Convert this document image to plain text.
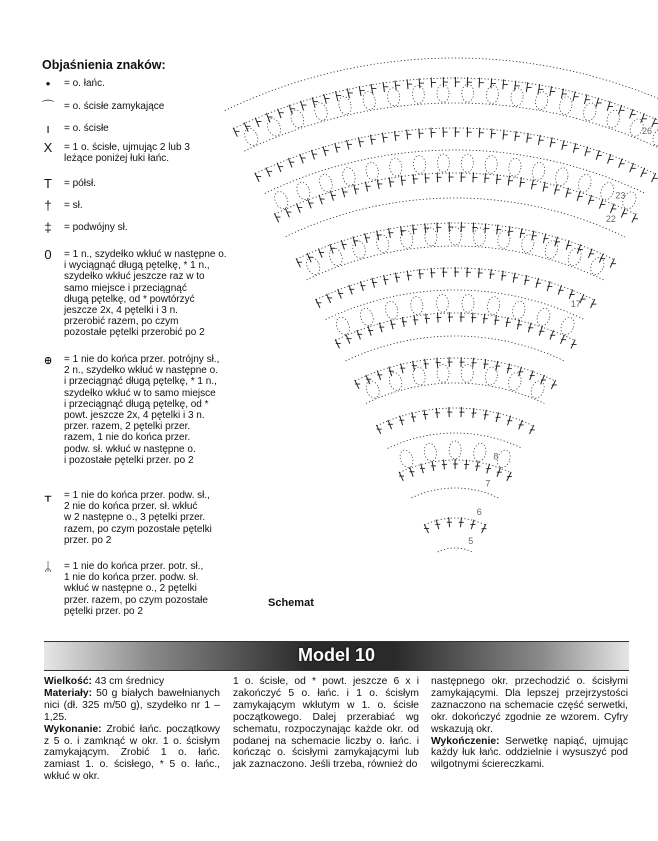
Objaśnienia znaków:
•	= o. łańc.
⌒ = o. ścisłe zamykające
ı	= o. ścisłe
X	= 1 o. ścisłe, ujmując 2 lub 3
leżące poniżej łuki łańc.
T	= półsł.
†	= sł.
‡	= podwójny sł.
0	= 1 n., szydełko wkłuć w następne o.
i wyciągnąć długą pętelkę, * 1 n.,
szydełko wkłuć jeszcze raz w to
samo miejsce i przeciągnąć
długą pętelkę, od * powtórzyć
jeszcze 2x, 4 pętelki i 3 n.
przerobić razem, po czym
pozostałe pętelki przerobić po 2
ꚛ	= 1 nie do końca przer. potrójny sł.,
2 n., szydełko wkłuć w następne o.
i przeciągnąć długą pętelkę, * 1 n.,
szydełko wkłuć w to samo miejsce
i przeciągnąć długą pętelkę, od *
powt. jeszcze 2x, 4 pętelki i 3 n.
przer. razem, 2 pętelki przer.
razem, 1 nie do końca przer.
podw. sł. wkłuć w następne o.
i pozostałe pętelki przer. po 2
ᚁ	= 1 nie do końca przer. podw. sł.,
2 nie do końca przer. sł. wkłuć
w 2 następne o., 3 pętelki przer.
razem, po czym pozostałe pętelki
przer. po 2
ᛦ	= 1 nie do końca przer. potr. sł.,
1 nie do końca przer. podw. sł.
wkłuć w następne o., 2 pętelki
przer. razem, po czym pozostałe
pętelki przer. po 2
26
23
22
17
8
7
6
5
Schemat
Model 10
Wielkość: 43 cm średnicy
Materiały: 50 g białych bawełnianych nici (dł. 325 m/50 g), szydełko nr 1 – 1,25.
Wykonanie: Zrobić łańc. początkowy z 5 o. i zamknąć w okr. 1 o. ścisłym zamykającym. Zrobić 1 o. łańc. zamiast 1. o. ścisłego, * 5 o. łańc., wkłuć w okr.
1 o. ścisłe, od * powt. jeszcze 6 x i zakończyć 5 o. łańc. i 1 o. ścisłym zamykającym wkłutym w 1. o. ścisłe początkowego. Dalej przerabiać wg schematu, rozpoczynając każde okr. od podanej na schemacie liczby o. łańc. i kończąc o. ścisłymi zamykającymi lub jak zaznaczono. Jeśli trzeba, również do
następnego okr. przechodzić o. ścisłymi zamykającymi. Dla lepszej przejrzystości zaznaczono na schemacie część serwetki, okr. dokończyć zgodnie ze wzorem. Cyfry wskazują okr.
Wykończenie: Serwetkę napiąć, ujmując każdy łuk łańc. oddzielnie i wysuszyć pod wilgotnymi ściereczkami.
